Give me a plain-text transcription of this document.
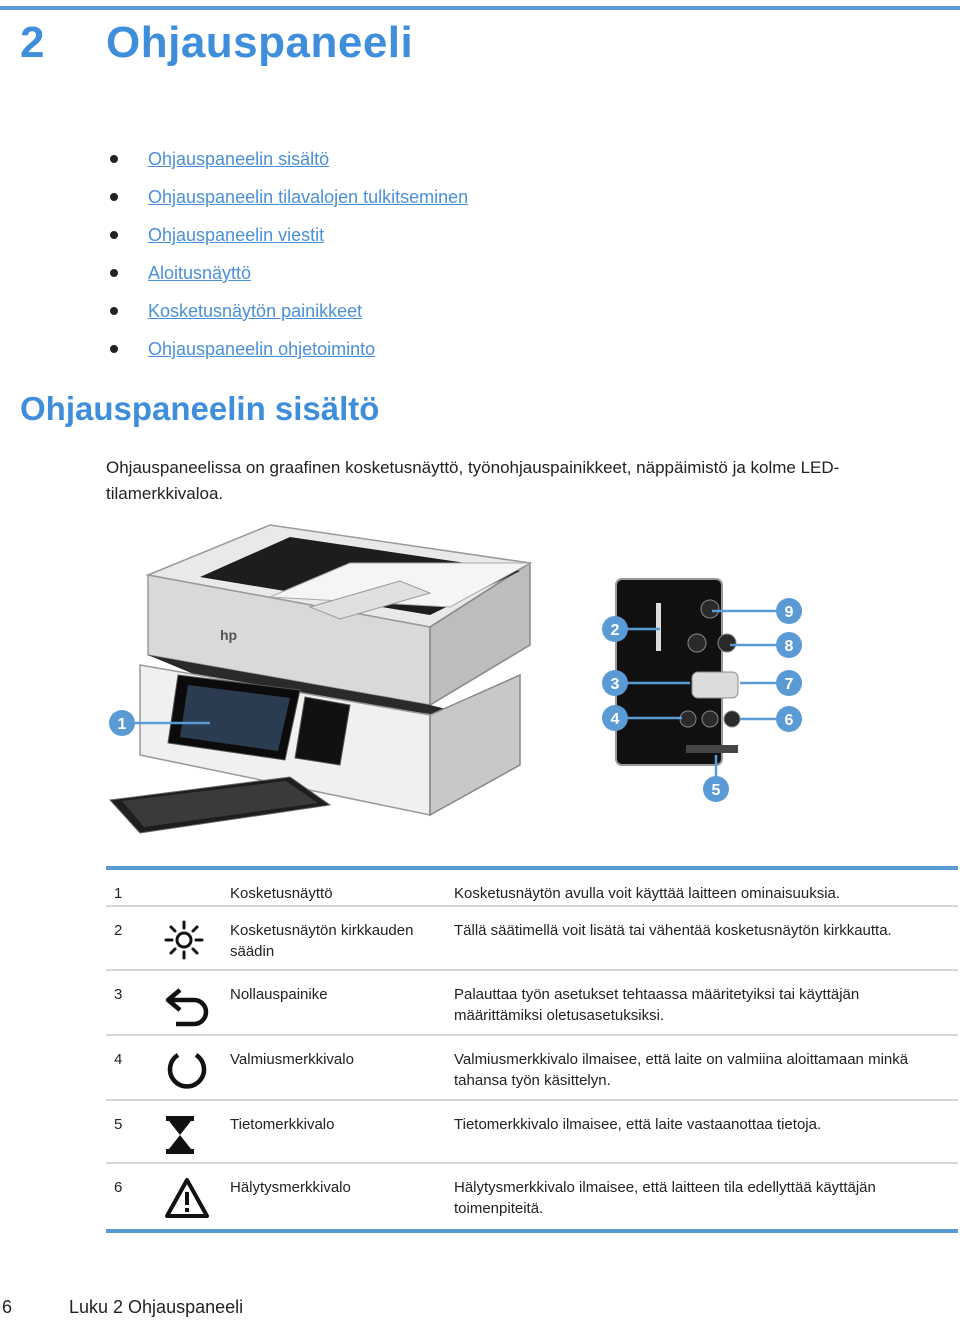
2 Ohjauspaneeli
Ohjauspaneelin sisältö
Ohjauspaneelin tilavalojen tulkitseminen
Ohjauspaneelin viestit
Aloitusnäyttö
Kosketusnäytön painikkeet
Ohjauspaneelin ohjetoiminto
Ohjauspaneelin sisältö

Ohjauspaneelissa on graafinen kosketusnäyttö, työnohjauspainikkeet, näppäimistö ja kolme LED-tilamerkkivaloa.

hp
1
2
3
4
5
6
7
8
9
1		Kosketusnäyttö	Kosketusnäytön avulla voit käyttää laitteen ominaisuuksia.
2		Kosketusnäytön kirkkauden säädin	Tällä säätimellä voit lisätä tai vähentää kosketusnäytön kirkkautta.
3		Nollauspainike	Palauttaa työn asetukset tehtaassa määritetyiksi tai käyttäjän määrittämiksi oletusasetuksiksi.
4		Valmiusmerkkivalo	Valmiusmerkkivalo ilmaisee, että laite on valmiina aloittamaan minkä tahansa työn käsittelyn.
5		Tietomerkkivalo	Tietomerkkivalo ilmaisee, että laite vastaanottaa tietoja.
6		Hälytysmerkkivalo	Hälytysmerkkivalo ilmaisee, että laitteen tila edellyttää käyttäjän toimenpiteitä.
6	Luku 2 Ohjauspaneeli
